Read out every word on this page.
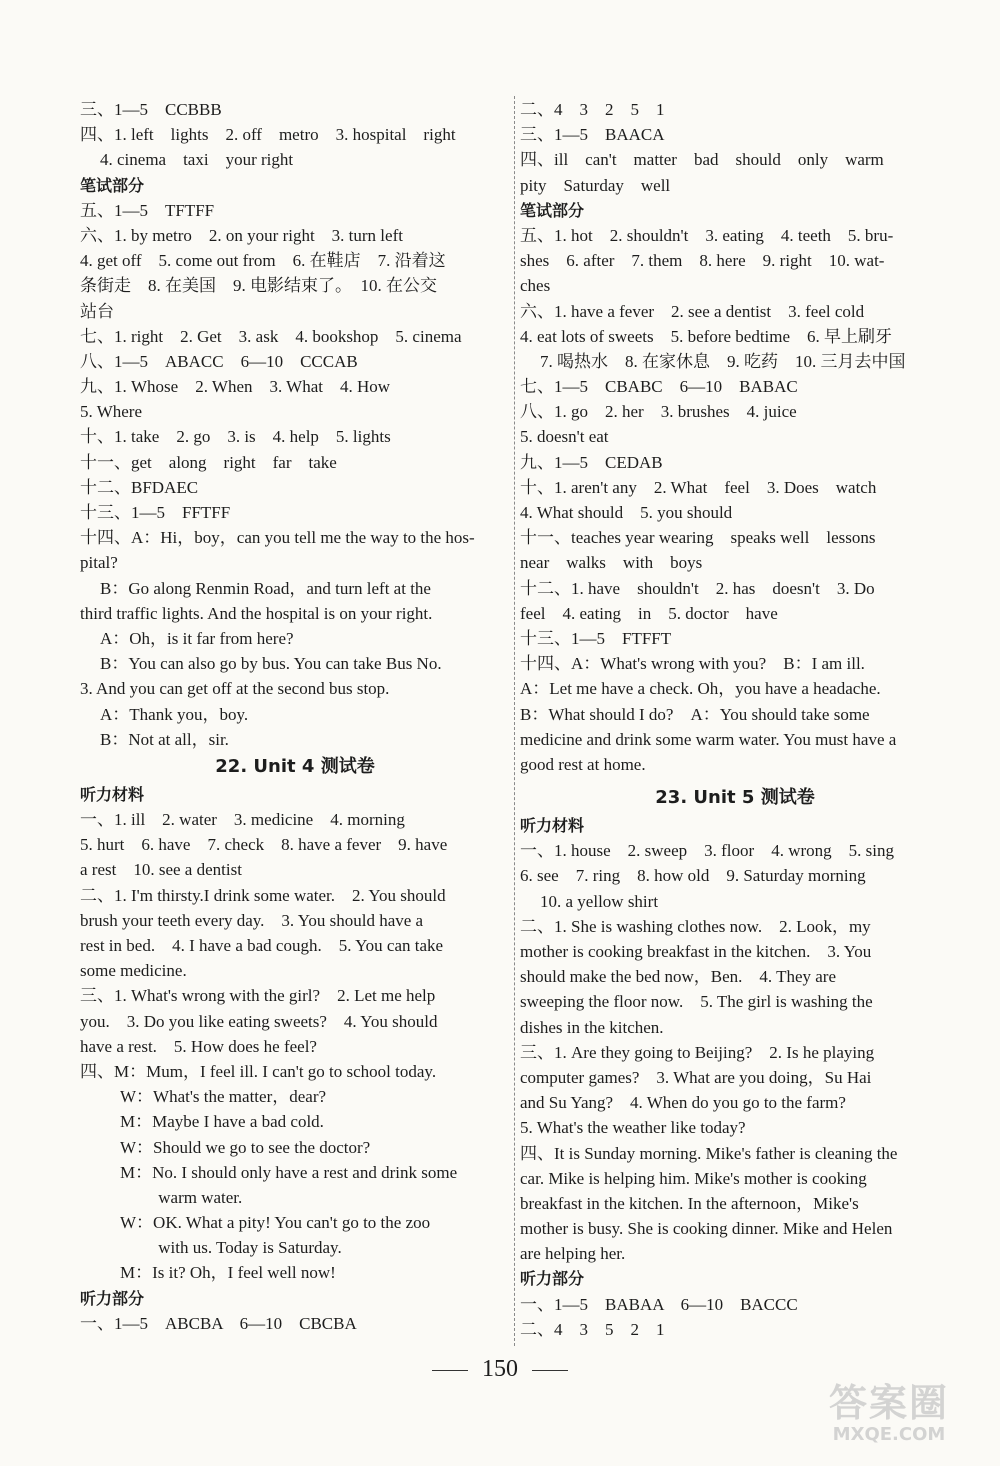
三、1—5　CCBBB
四、1. left　lights　2. off　metro　3. hospital　right
4. cinema　taxi　your right
笔试部分
五、1—5　TFTFF
六、1. by metro　2. on your right　3. turn left
4. get off　5. come out from　6. 在鞋店　7. 沿着这
条街走　8. 在美国　9. 电影结束了。　10. 在公交
站台
七、1. right　2. Get　3. ask　4. bookshop　5. cinema
八、1—5　ABACC　6—10　CCCAB
九、1. Whose　2. When　3. What　4. How
5. Where
十、1. take　2. go　3. is　4. help　5. lights
十一、get　along　right　far　take
十二、BFDAEC
十三、1—5　FFTFF
十四、A：Hi，boy，can you tell me the way to the hos-
pital?
B：Go along Renmin Road，and turn left at the
third traffic lights. And the hospital is on your right.
A：Oh，is it far from here?
B：You can also go by bus. You can take Bus No.
3. And you can get off at the second bus stop.
A：Thank you，boy.
B：Not at all，sir.
22. Unit 4 测试卷
听力材料
一、1. ill　2. water　3. medicine　4. morning
5. hurt　6. have　7. check　8. have a fever　9. have
a rest　10. see a dentist
二、1. I'm thirsty.I drink some water.　2. You should
brush your teeth every day.　3. You should have a
rest in bed.　4. I have a bad cough.　5. You can take
some medicine.
三、1. What's wrong with the girl?　2. Let me help
you.　3. Do you like eating sweets?　4. You should
have a rest.　5. How does he feel?
四、M：Mum，I feel ill. I can't go to school today.
W：What's the matter，dear?
M：Maybe I have a bad cold.
W：Should we go to see the doctor?
M：No. I should only have a rest and drink some
　　 warm water.
W：OK. What a pity! You can't go to the zoo
　　 with us. Today is Saturday.
M：Is it? Oh，I feel well now!
听力部分
一、1—5　ABCBA　6—10　CBCBA
二、4　3　2　5　1
三、1—5　BAACA
四、ill　can't　matter　bad　should　only　warm
pity　Saturday　well
笔试部分
五、1. hot　2. shouldn't　3. eating　4. teeth　5. bru-
shes　6. after　7. them　8. here　9. right　10. wat-
ches
六、1. have a fever　2. see a dentist　3. feel cold
4. eat lots of sweets　5. before bedtime　6. 早上刷牙
7. 喝热水　8. 在家休息　9. 吃药　10. 三月去中国
七、1—5　CBABC　6—10　BABAC
八、1. go　2. her　3. brushes　4. juice
5. doesn't eat
九、1—5　CEDAB
十、1. aren't any　2. What　feel　3. Does　watch
4. What should　5. you should
十一、teaches year wearing　speaks well　lessons
near　walks　with　boys
十二、1. have　shouldn't　2. has　doesn't　3. Do
feel　4. eating　in　5. doctor　have
十三、1—5　FTFFT
十四、A：What's wrong with you?　B：I am ill.
A：Let me have a check. Oh，you have a headache.
B：What should I do?　A：You should take some
medicine and drink some warm water. You must have a
good rest at home.
23. Unit 5 测试卷
听力材料
一、1. house　2. sweep　3. floor　4. wrong　5. sing
6. see　7. ring　8. how old　9. Saturday morning
10. a yellow shirt
二、1. She is washing clothes now.　2. Look，my
mother is cooking breakfast in the kitchen.　3. You
should make the bed now，Ben.　4. They are
sweeping the floor now.　5. The girl is washing the
dishes in the kitchen.
三、1. Are they going to Beijing?　2. Is he playing
computer games?　3. What are you doing，Su Hai
and Su Yang?　4. When do you go to the farm?
5. What's the weather like today?
四、It is Sunday morning. Mike's father is cleaning the
car. Mike is helping him. Mike's mother is cooking
breakfast in the kitchen. In the afternoon，Mike's
mother is busy. She is cooking dinner. Mike and Helen
are helping her.
听力部分
一、1—5　BABAA　6—10　BACCC
二、4　3　5　2　1
150
答案圈
MXQE.COM
